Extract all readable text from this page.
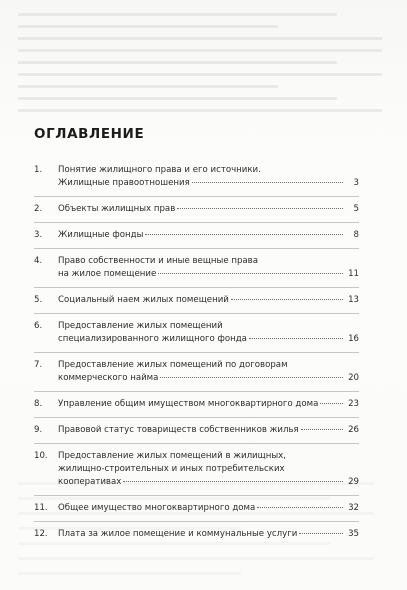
ОГЛАВЛЕНИЕ
1.	Понятие жилищного права и его источники.
Жилищные правоотношения	3
2.	Объекты жилищных прав	5
3.	Жилищные фонды	8
4.	Право собственности и иные вещные права
на жилое помещение	11
5.	Социальный наем жилых помещений	13
6.	Предоставление жилых помещений
специализированного жилищного фонда	16
7.	Предоставление жилых помещений по договорам
коммерческого найма	20
8.	Управление общим имуществом многоквартирного дома	23
9.	Правовой статус товариществ собственников жилья	26
10.	Предоставление жилых помещений в жилищных,
жилищно-строительных и иных потребительских
кооперативах	29
11.	Общее имущество многоквартирного дома	32
12.	Плата за жилое помещение и коммунальные услуги	35
